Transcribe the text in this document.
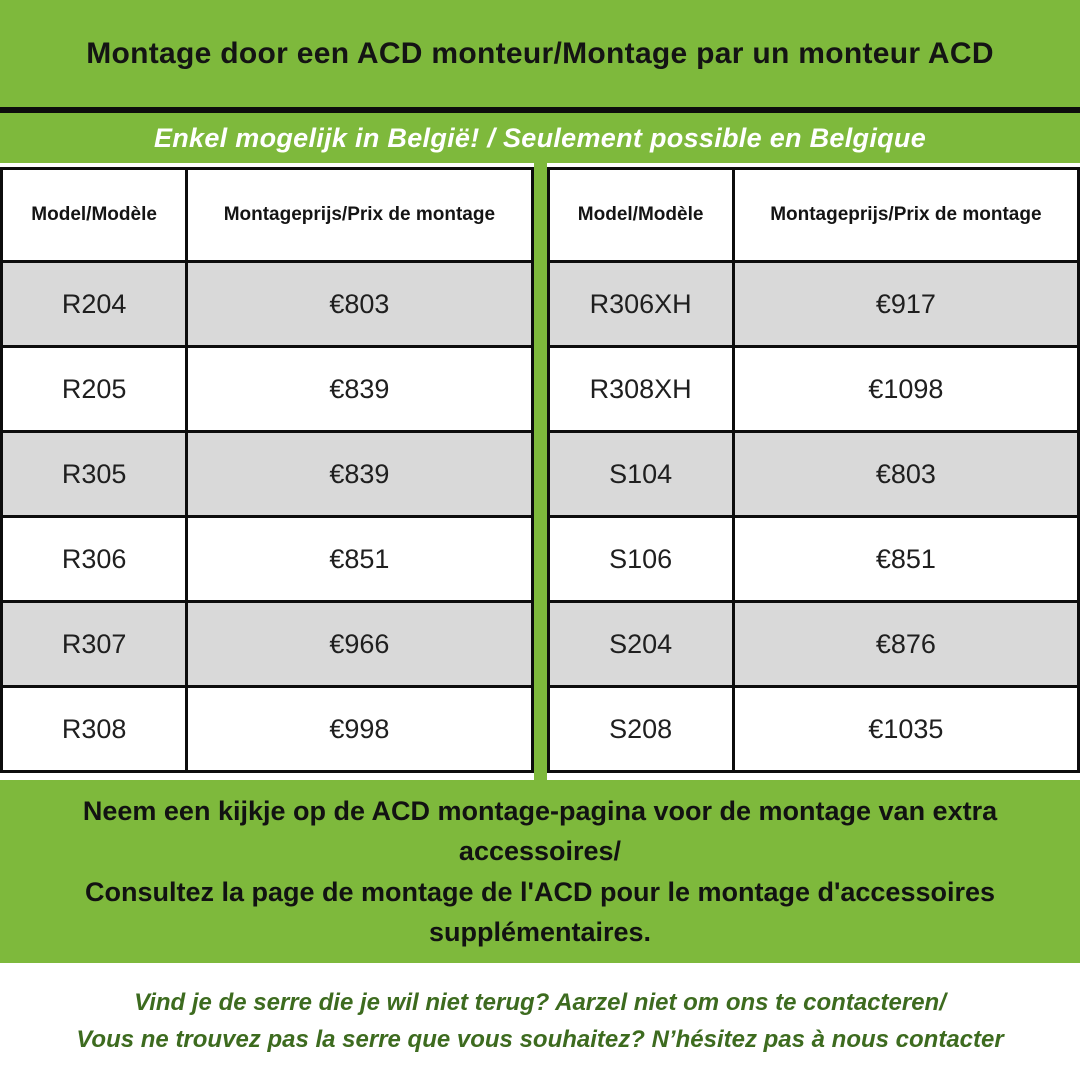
Montage door een ACD monteur/Montage par un monteur ACD
Enkel mogelijk in België! / Seulement possible en Belgique
Model/Modèle	Montageprijs/Prix de montage
R204	€803
R205	€839
R305	€839
R306	€851
R307	€966
R308	€998
Model/Modèle	Montageprijs/Prix de montage
R306XH	€917
R308XH	€1098
S104	€803
S106	€851
S204	€876
S208	€1035

Neem een kijkje op de ACD montage-pagina voor de montage van extra accessoires/

Consultez la page de montage de l'ACD pour le montage d'accessoires supplémentaires.

Vind je de serre die je wil niet terug? Aarzel niet om ons te contacteren/

Vous ne trouvez pas la serre que vous souhaitez? N’hésitez pas à nous contacter
